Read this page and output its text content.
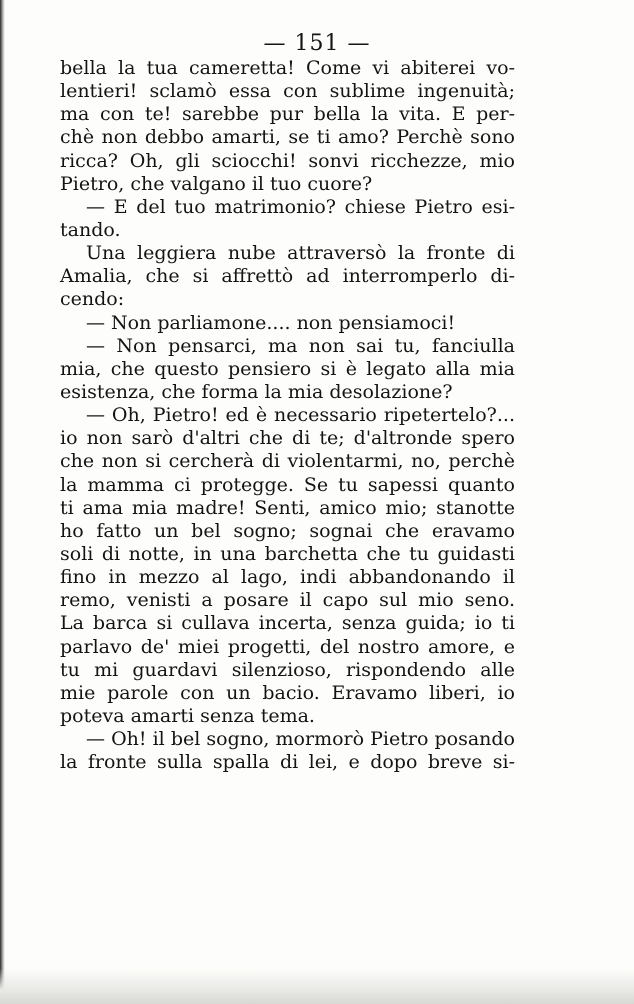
— 151 —
bella la tua cameretta! Come vi abiterei vo-
lentieri! sclamò essa con sublime ingenuità;
ma con te! sarebbe pur bella la vita. E per-
chè non debbo amarti, se ti amo? Perchè sono
ricca? Oh, gli sciocchi! sonvi ricchezze, mio
Pietro, che valgano il tuo cuore?
— E del tuo matrimonio? chiese Pietro esi-
tando.
Una leggiera nube attraversò la fronte di
Amalia, che si affrettò ad interromperlo di-
cendo:
— Non parliamone.... non pensiamoci!
— Non pensarci, ma non sai tu, fanciulla
mia, che questo pensiero si è legato alla mia
esistenza, che forma la mia desolazione?
— Oh, Pietro! ed è necessario ripetertelo?...
io non sarò d'altri che di te; d'altronde spero
che non si cercherà di violentarmi, no, perchè
la mamma ci protegge. Se tu sapessi quanto
ti ama mia madre! Senti, amico mio; stanotte
ho fatto un bel sogno; sognai che eravamo
soli di notte, in una barchetta che tu guidasti
fino in mezzo al lago, indi abbandonando il
remo, venisti a posare il capo sul mio seno.
La barca si cullava incerta, senza guida; io ti
parlavo de' miei progetti, del nostro amore, e
tu mi guardavi silenzioso, rispondendo alle
mie parole con un bacio. Eravamo liberi, io
poteva amarti senza tema.
— Oh! il bel sogno, mormorò Pietro posando
la fronte sulla spalla di lei, e dopo breve si-
